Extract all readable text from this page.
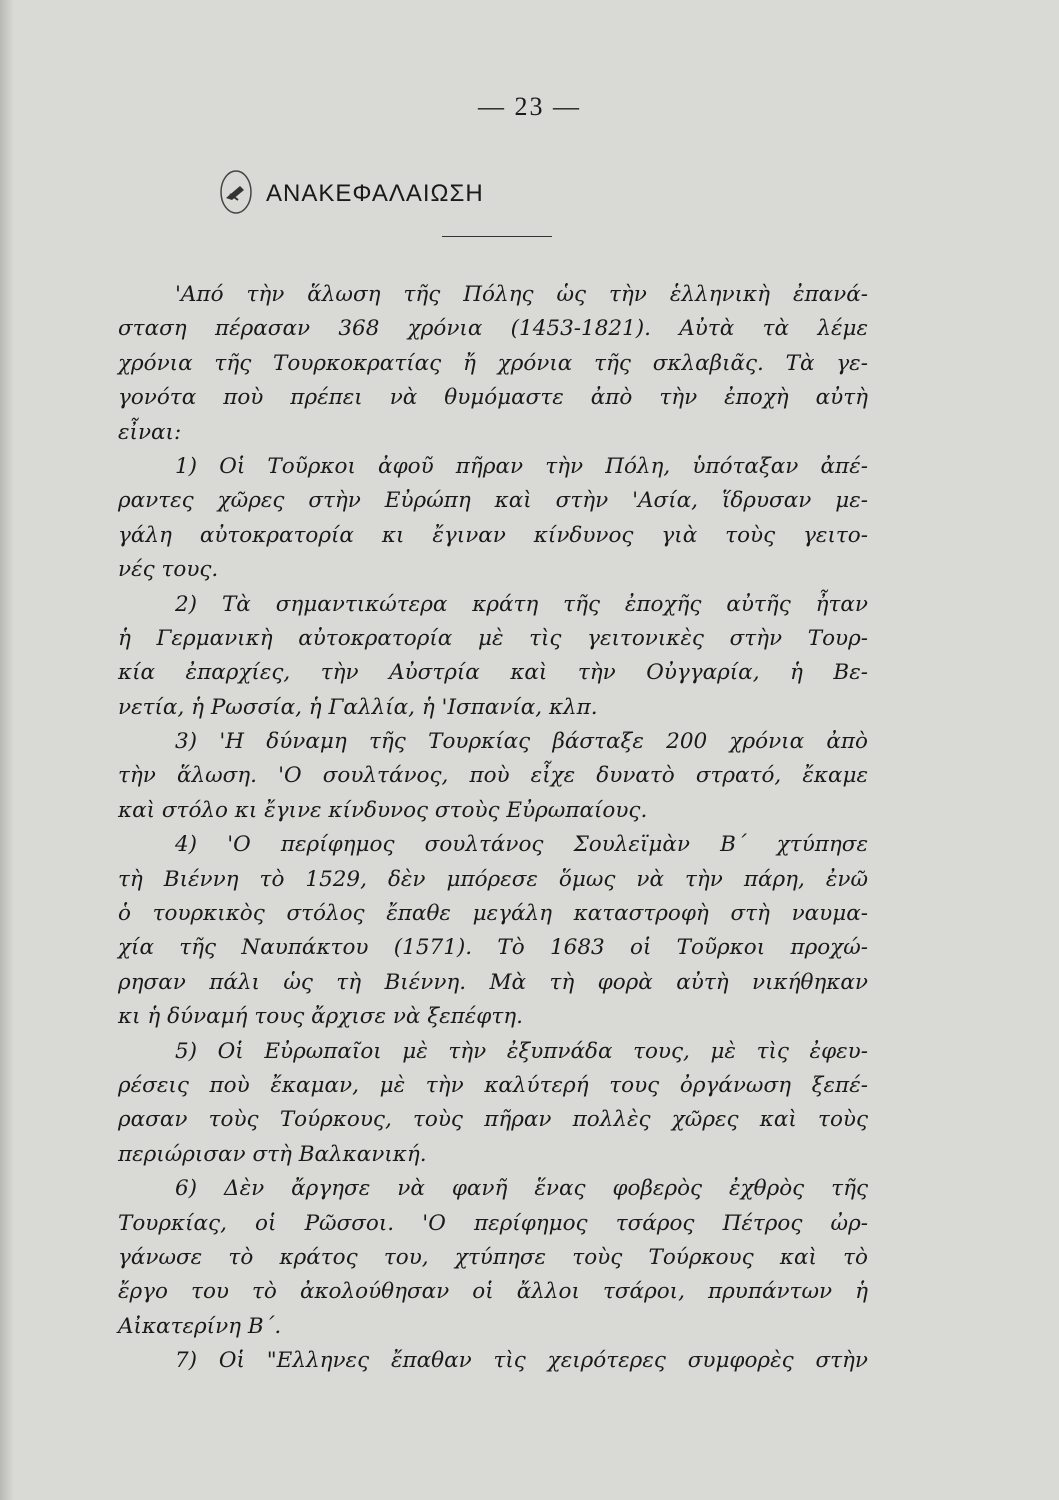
— 23 —
ΑΝΑΚΕΦΑΛΑΙΩΣΗ
'Από τὴν ἅλωση τῆς Πόλης ὡς τὴν ἑλληνικὴ ἐπανά-
σταση πέρασαν 368 χρόνια (1453-1821). Αὐτὰ τὰ λέμε
χρόνια τῆς Τουρκοκρατίας ἤ χρόνια τῆς σκλαβιᾶς. Τὰ γε-
γονότα ποὺ πρέπει νὰ θυμόμαστε ἀπὸ τὴν ἐποχὴ αὐτὴ
εἶναι:
1) Οἱ Τοῦρκοι ἀφοῦ πῆραν τὴν Πόλη, ὑπόταξαν ἀπέ-
ραντες χῶρες στὴν Εὐρώπη καὶ στὴν 'Ασία, ἵδρυσαν με-
γάλη αὐτοκρατορία κι ἔγιναν κίνδυνος γιὰ τοὺς γειτο-
νές τους.
2) Τὰ σημαντικώτερα κράτη τῆς ἐποχῆς αὐτῆς ἦταν
ἡ Γερμανικὴ αὐτοκρατορία μὲ τὶς γειτονικὲς στὴν Τουρ-
κία ἐπαρχίες, τὴν Αὐστρία καὶ τὴν Οὐγγαρία, ἡ Βε-
νετία, ἡ Ρωσσία, ἡ Γαλλία, ἡ 'Ισπανία, κλπ.
3) 'Η δύναμη τῆς Τουρκίας βάσταξε 200 χρόνια ἀπὸ
τὴν ἅλωση. 'Ο σουλτάνος, ποὺ εἶχε δυνατὸ στρατό, ἔκαμε
καὶ στόλο κι ἔγινε κίνδυνος στοὺς Εὐρωπαίους.
4) 'Ο περίφημος σουλτάνος Σουλεϊμὰν Β΄ χτύπησε
τὴ Βιέννη τὸ 1529, δὲν μπόρεσε ὅμως νὰ τὴν πάρη, ἐνῶ
ὁ τουρκικὸς στόλος ἔπαθε μεγάλη καταστροφὴ στὴ ναυμα-
χία τῆς Ναυπάκτου (1571). Τὸ 1683 οἱ Τοῦρκοι προχώ-
ρησαν πάλι ὡς τὴ Βιέννη. Μὰ τὴ φορὰ αὐτὴ νικήθηκαν
κι ἡ δύναμή τους ἄρχισε νὰ ξεπέφτη.
5) Οἱ Εὐρωπαῖοι μὲ τὴν ἐξυπνάδα τους, μὲ τὶς ἐφευ-
ρέσεις ποὺ ἔκαμαν, μὲ τὴν καλύτερή τους ὀργάνωση ξεπέ-
ρασαν τοὺς Τούρκους, τοὺς πῆραν πολλὲς χῶρες καὶ τοὺς
περιώρισαν στὴ Βαλκανική.
6) Δὲν ἄργησε νὰ φανῆ ἕνας φοβερὸς ἐχθρὸς τῆς
Τουρκίας, οἱ Ρῶσσοι. 'Ο περίφημος τσάρος Πέτρος ὠρ-
γάνωσε τὸ κράτος του, χτύπησε τοὺς Τούρκους καὶ τὸ
ἔργο του τὸ ἀκολούθησαν οἱ ἄλλοι τσάροι, πρυπάντων ἡ
Αἰκατερίνη Β΄.
7) Οἱ "Ελληνες ἔπαθαν τὶς χειρότερες συμφορὲς στὴν
